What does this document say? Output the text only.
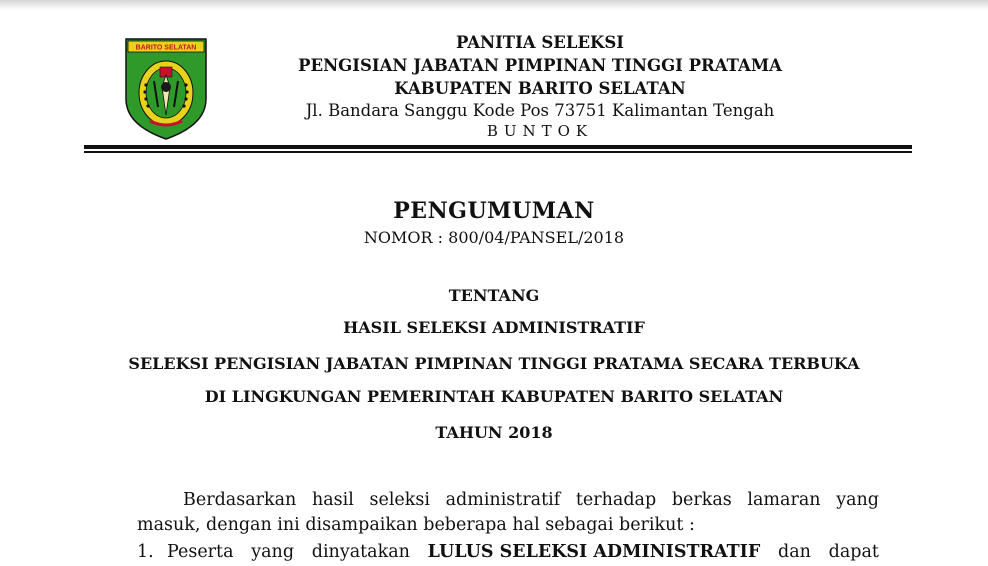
BARITO SELATAN	PANITIA SELEKSI
PENGISIAN JABATAN PIMPINAN TINGGI PRATAMA
KABUPATEN BARITO SELATAN
Jl. Bandara Sanggu Kode Pos 73751 Kalimantan Tengah
BUNTOK
PENGUMUMAN
NOMOR : 800/04/PANSEL/2018
TENTANG
HASIL SELEKSI ADMINISTRATIF
SELEKSI PENGISIAN JABATAN PIMPINAN TINGGI PRATAMA SECARA TERBUKA
DI LINGKUNGAN PEMERINTAH KABUPATEN BARITO SELATAN
TAHUN 2018
Berdasarkan hasil seleksi administratif terhadap berkas lamaran yang
masuk, dengan ini disampaikan beberapa hal sebagai berikut :
1. Peserta yang dinyatakan LULUS SELEKSI ADMINISTRATIF dan dapat
